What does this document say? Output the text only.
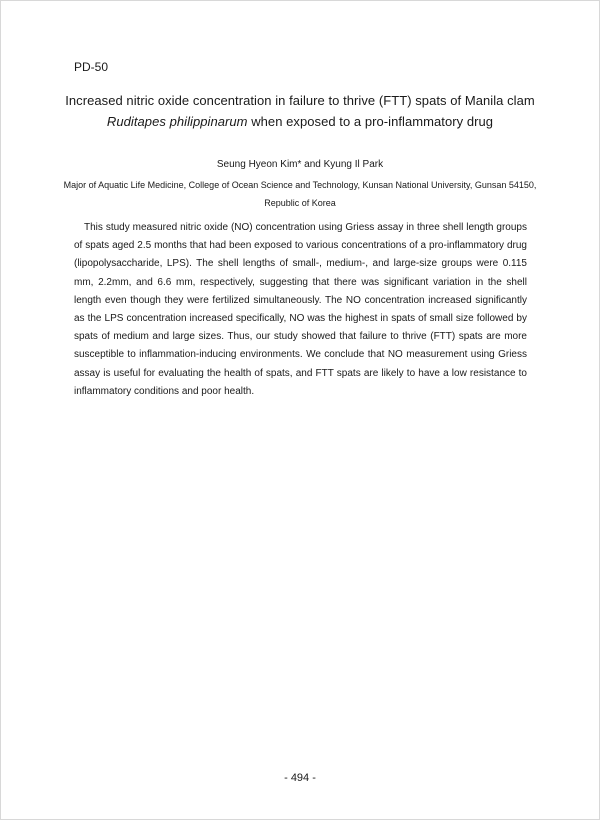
PD-50
Increased nitric oxide concentration in failure to thrive (FTT) spats of Manila clam
Ruditapes philippinarum when exposed to a pro-inflammatory drug
Seung Hyeon Kim* and Kyung Il Park
Major of Aquatic Life Medicine, College of Ocean Science and Technology, Kunsan National University, Gunsan 54150, Republic of Korea

This study measured nitric oxide (NO) concentration using Griess assay in three shell length groups of spats aged 2.5 months that had been exposed to various concentrations of a pro-inflammatory drug (lipopolysaccharide, LPS). The shell lengths of small-, medium-, and large-size groups were 0.115 mm, 2.2mm, and 6.6 mm, respectively, suggesting that there was significant variation in the shell length even though they were fertilized simultaneously. The NO concentration increased significantly as the LPS concentration increased specifically, NO was the highest in spats of small size followed by spats of medium and large sizes. Thus, our study showed that failure to thrive (FTT) spats are more susceptible to inflammation-inducing environments. We conclude that NO measurement using Griess assay is useful for evaluating the health of spats, and FTT spats are likely to have a low resistance to inflammatory conditions and poor health.

- 494 -
